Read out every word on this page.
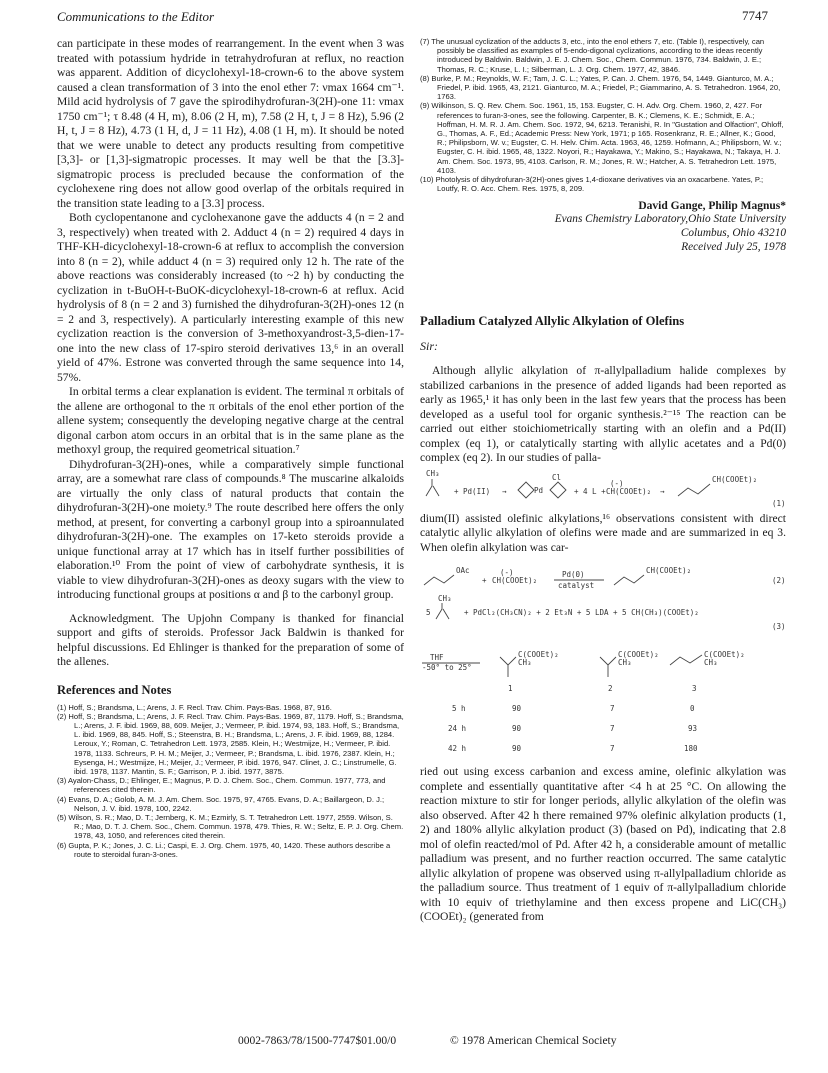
Communications to the Editor	7747

can participate in these modes of rearrangement. In the event when 3 was treated with potassium hydride in tetrahydrofuran at reflux, no reaction was apparent. Addition of dicyclohexyl-18-crown-6 to the above system caused a clean transformation of 3 into the enol ether 7: νmax 1664 cm⁻¹. Mild acid hydrolysis of 7 gave the spirodihydrofuran-3(2H)-one 11: νmax 1750 cm⁻¹; τ 8.48 (4 H, m), 8.06 (2 H, m), 7.58 (2 H, t, J = 8 Hz), 5.96 (2 H, t, J = 8 Hz), 4.73 (1 H, d, J = 11 Hz), 4.08 (1 H, m). It should be noted that we were unable to detect any products resulting from competitive [3,3]- or [1,3]-sigmatropic processes. It may well be that the [3.3]-sigmatropic process is precluded because the conformation of the cyclohexene ring does not allow good overlap of the orbitals required in the transition state leading to a [3.3] process.

Both cyclopentanone and cyclohexanone gave the adducts 4 (n = 2 and 3, respectively) when treated with 2. Adduct 4 (n = 2) required 4 days in THF-KH-dicyclohexyl-18-crown-6 at reflux to accomplish the conversion into 8 (n = 2), while adduct 4 (n = 3) required only 12 h. The rate of the above reactions was considerably increased (to ~2 h) by conducting the cyclization in t-BuOH-t-BuOK-dicyclohexyl-18-crown-6 at reflux. Acid hydrolysis of 8 (n = 2 and 3) furnished the dihydrofuran-3(2H)-ones 12 (n = 2 and 3, respectively). A particularly interesting example of this new cyclization reaction is the conversion of 3-methoxyandrost-3,5-dien-17-one into the new class of 17-spiro steroid derivatives 13,⁶ in an overall yield of 47%. Estrone was converted through the same sequence into 14, 57%.

In orbital terms a clear explanation is evident. The terminal π orbitals of the allene are orthogonal to the π orbitals of the enol ether portion of the allene system; consequently the developing negative charge at the central digonal carbon atom occurs in an orbital that is in the same plane as the methoxyl group, the required geometrical situation.⁷

Dihydrofuran-3(2H)-ones, while a comparatively simple functional array, are a somewhat rare class of compounds.⁸ The muscarine alkaloids are virtually the only class of natural products that contain the dihydrofuran-3(2H)-one moiety.⁹ The route described here offers the only method, at present, for converting a carbonyl group into a spiroannulated dihydrofuran-3(2H)-one. The examples on 17-keto steroids provide a unique functional array at 17 which has in itself further possibilities of elaboration.¹⁰ From the point of view of carbohydrate synthesis, it is viable to view dihydrofuran-3(2H)-ones as deoxy sugars with the view to introducing functional groups at positions α and β to the carbonyl group.

Acknowledgment. The Upjohn Company is thanked for financial support and gifts of steroids. Professor Jack Baldwin is thanked for helpful discussions. Ed Ehlinger is thanked for the preparation of some of the allenes.

References and Notes

(1) Hoff, S.; Brandsma, L.; Arens, J. F. Recl. Trav. Chim. Pays-Bas. 1968, 87, 916.

(2) Hoff, S.; Brandsma, L.; Arens, J. F. Recl. Trav. Chim. Pays-Bas. 1969, 87, 1179. Hoff, S.; Brandsma, L.; Arens, J. F. ibid. 1969, 88, 609. Meijer, J.; Vermeer, P. ibid. 1974, 93, 183. Hoff, S.; Brandsma, L. ibid. 1969, 88, 845. Hoff, S.; Steenstra, B. H.; Brandsma, L.; Arens, J. F. ibid. 1969, 88, 1284. Leroux, Y.; Roman, C. Tetrahedron Lett. 1973, 2585. Klein, H.; Westmijze, H.; Vermeer, P. ibid. 1978, 1133. Schreurs, P. H. M.; Meijer, J.; Vermeer, P.; Brandsma, L. ibid. 1976, 2387. Klein, H.; Eysenga, H.; Westmijze, H.; Meijer, J.; Vermeer, P. ibid. 1976, 947. Clinet, J. C.; Linstrumelle, G. ibid. 1978, 1137. Mantin, S. F.; Garrison, P. J. ibid. 1977, 3875.

(3) Ayalon-Chass, D.; Ehlinger, E.; Magnus, P. D. J. Chem. Soc., Chem. Commun. 1977, 773, and references cited therein.

(4) Evans, D. A.; Golob, A. M. J. Am. Chem. Soc. 1975, 97, 4765. Evans, D. A.; Baillargeon, D. J.; Nelson, J. V. ibid. 1978, 100, 2242.

(5) Wilson, S. R.; Mao, D. T.; Jernberg, K. M.; Ezmirly, S. T. Tetrahedron Lett. 1977, 2559. Wilson, S. R.; Mao, D. T. J. Chem. Soc., Chem. Commun. 1978, 479. Thies, R. W.; Seltz, E. P. J. Org. Chem. 1978, 43, 1050, and references cited therein.

(6) Gupta, P. K.; Jones, J. C. Li.; Caspi, E. J. Org. Chem. 1975, 40, 1420. These authors describe a route to steroidal furan-3-ones.

(7) The unusual cyclization of the adducts 3, etc., into the enol ethers 7, etc. (Table I), respectively, can possibly be classified as examples of 5-endo-digonal cyclizations, according to the ideas recently introduced by Baldwin. Baldwin, J. E. J. Chem. Soc., Chem. Commun. 1976, 734. Baldwin, J. E.; Thomas, R. C.; Kruse, L. I.; Silberman, L. J. Org. Chem. 1977, 42, 3846.

(8) Burke, P. M.; Reynolds, W. F.; Tam, J. C. L.; Yates, P. Can. J. Chem. 1976, 54, 1449. Gianturco, M. A.; Friedel, P. ibid. 1965, 43, 2121. Gianturco, M. A.; Friedel, P.; Giammarino, A. S. Tetrahedron. 1964, 20, 1763.

(9) Wilkinson, S. Q. Rev. Chem. Soc. 1961, 15, 153. Eugster, C. H. Adv. Org. Chem. 1960, 2, 427. For references to furan-3-ones, see the following. Carpenter, B. K.; Clemens, K. E.; Schmidt, E. A.; Hoffman, H. M. R. J. Am. Chem. Soc. 1972, 94, 6213. Teranishi, R. In "Gustation and Olfaction", Ohloff, G., Thomas, A. F., Ed.; Academic Press: New York, 1971; p 165. Rosenkranz, R. E.; Allner, K.; Good, R.; Philipsborn, W. v.; Eugster, C. H. Helv. Chim. Acta. 1963, 46, 1259. Hofmann, A.; Philipsborn, W. v.; Eugster, C. H. ibid. 1965, 48, 1322. Noyori, R.; Hayakawa, Y.; Makino, S.; Hayakawa, N.; Takaya, H. J. Am. Chem. Soc. 1973, 95, 4103. Carlson, R. M.; Jones, R. W.; Hatcher, A. S. Tetrahedron Lett. 1975, 4103.

(10) Photolysis of dihydrofuran-3(2H)-ones gives 1,4-dioxane derivatives via an oxacarbene. Yates, P.; Loutfy, R. O. Acc. Chem. Res. 1975, 8, 209.

David Gange, Philip Magnus*
Evans Chemistry Laboratory,Ohio State University
Columbus, Ohio 43210
Received July 25, 1978
Palladium Catalyzed Allylic Alkylation of Olefins
Sir:

Although allylic alkylation of π-allylpalladium halide complexes by stabilized carbanions in the presence of added ligands had been reported as early as 1965,¹ it has only been in the last few years that the process has been developed as a useful tool for organic synthesis.²⁻¹⁵ The reaction can be carried out either stoichiometrically starting with an olefin and a Pd(II) complex (eq 1), or catalytically starting with allylic acetates and a Pd(0) complex (eq 2). In our studies of palla-

CH₃
+ Pd(II) →	Pd
Cl
+ 4 L +
(-)
CH(COOEt)₂ →
CH(COOEt)₂
(1)

dium(II) assisted olefinic alkylations,¹⁶ observations consistent with direct catalytic allylic alkylation of olefins were made and are summarized in eq 3. When olefin alkylation was car-

OAc
+
(-)
CH(COOEt)₂
Pd(0)
catalyst
CH(COOEt)₂
(2)
CH₃
5	+ PdCl₂(CH₃CN)₂ + 2 Et₃N + 5 LDA + 5 CH(CH₃)(COOEt)₂
(3)
THF
-50° to 25°
C(COOEt)₂
CH₃
C(COOEt)₂
CH₃
C(COOEt)₂
CH₃
1	2	3
5 h	90	7	0
24 h	90	7	93
42 h	90	7	180

ried out using excess carbanion and excess amine, olefinic alkylation was complete and essentially quantitative after <4 h at 25 °C. On allowing the reaction mixture to stir for longer periods, allylic alkylation of the olefin was also observed. After 42 h there remained 97% olefinic alkylation products (1, 2) and 180% allylic alkylation product (3) (based on Pd), indicating that 2.8 mol of olefin reacted/mol of Pd. After 42 h, a considerable amount of metallic palladium was present, and no further reaction occurred. The same catalytic allylic alkylation of propene was observed using π-allylpalladium chloride as the palladium source. Thus treatment of 1 equiv of π-allylpalladium chloride with 10 equiv of triethylamine and then excess propene and LiC(CH₃)(COOEt)₂ (generated from

0002-7863/78/1500-7747$01.00/0	© 1978 American Chemical Society
